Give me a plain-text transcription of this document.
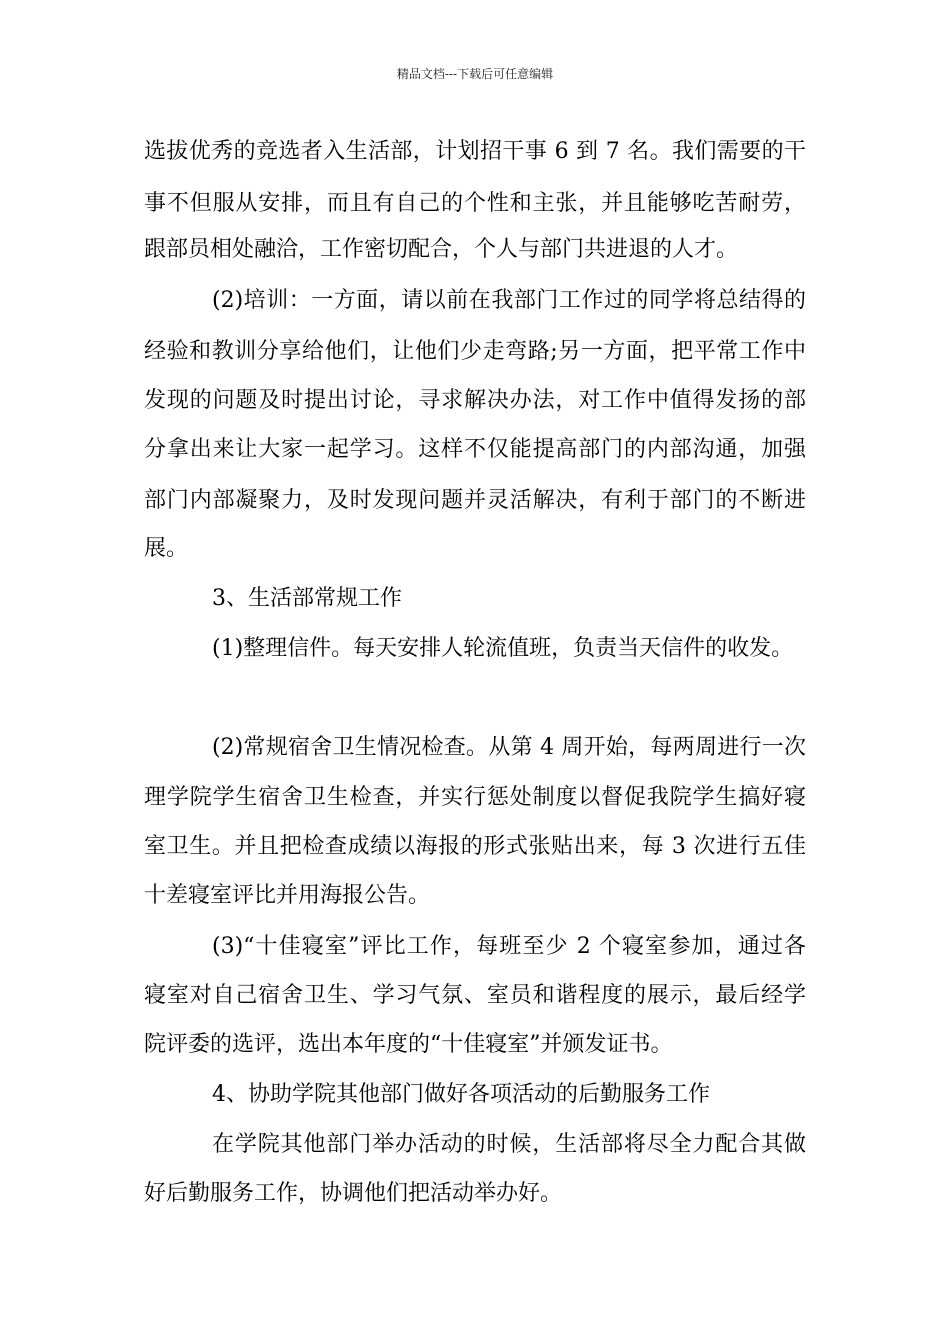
精品文档---下载后可任意编辑
选拔优秀的竞选者入生活部，计划招干事 6 到 7 名。我们需要的干
事不但服从安排，而且有自己的个性和主张，并且能够吃苦耐劳，
跟部员相处融洽，工作密切配合，个人与部门共进退的人才。
(2)培训：一方面，请以前在我部门工作过的同学将总结得的
经验和教训分享给他们，让他们少走弯路;另一方面，把平常工作中
发现的问题及时提出讨论，寻求解决办法，对工作中值得发扬的部
分拿出来让大家一起学习。这样不仅能提高部门的内部沟通，加强
部门内部凝聚力，及时发现问题并灵活解决，有利于部门的不断进
展。
3、生活部常规工作
(1)整理信件。每天安排人轮流值班，负责当天信件的收发。
(2)常规宿舍卫生情况检查。从第 4 周开始，每两周进行一次
理学院学生宿舍卫生检查，并实行惩处制度以督促我院学生搞好寝
室卫生。并且把检查成绩以海报的形式张贴出来，每 3 次进行五佳
十差寝室评比并用海报公告。
(3)“十佳寝室”评比工作，每班至少 2 个寝室参加，通过各
寝室对自己宿舍卫生、学习气氛、室员和谐程度的展示，最后经学
院评委的选评，选出本年度的“十佳寝室”并颁发证书。
4、协助学院其他部门做好各项活动的后勤服务工作
在学院其他部门举办活动的时候，生活部将尽全力配合其做
好后勤服务工作，协调他们把活动举办好。
